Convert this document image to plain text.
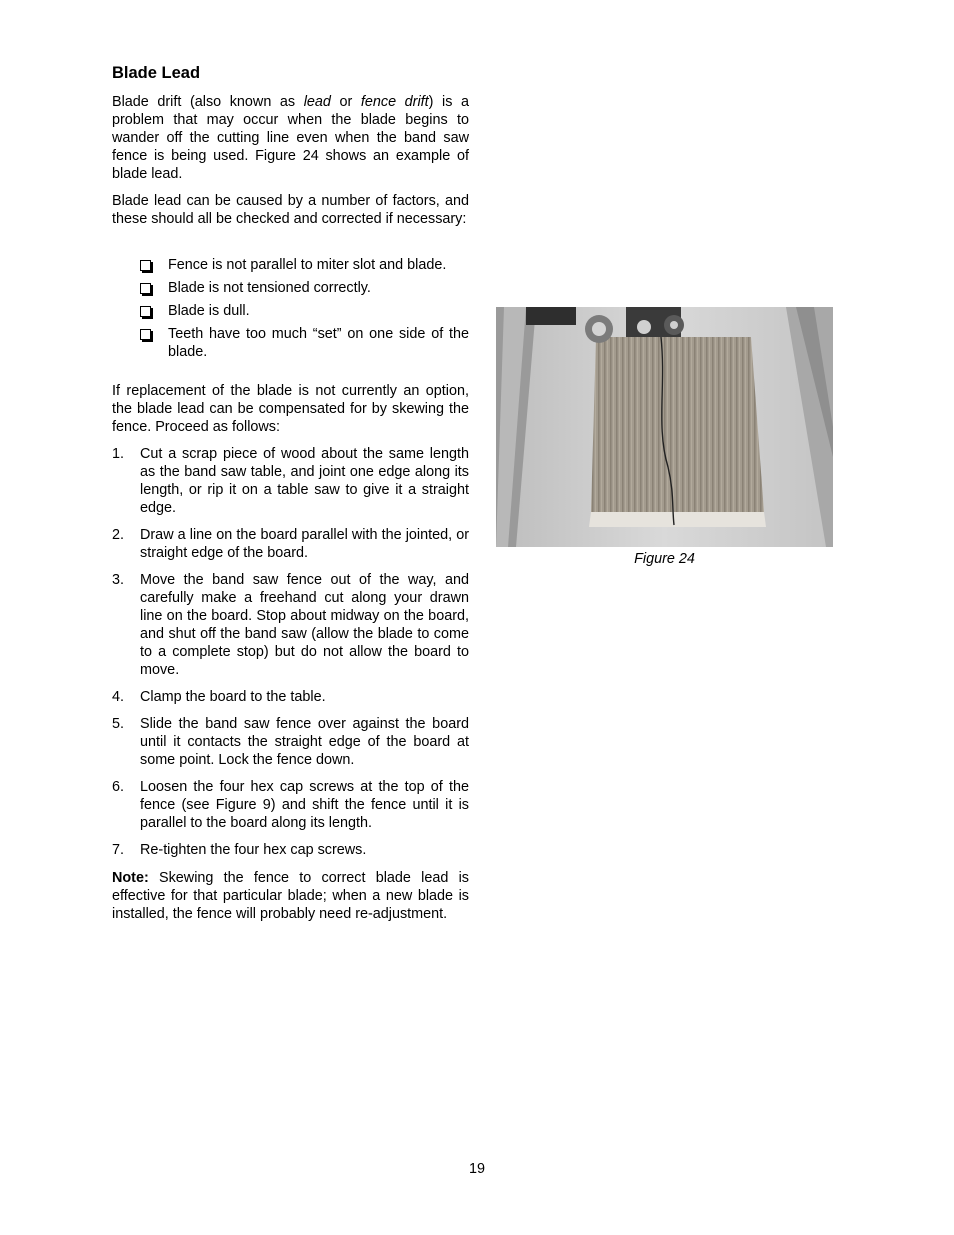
Blade Lead

Blade drift (also known as lead or fence drift) is a problem that may occur when the blade begins to wander off the cutting line even when the band saw fence is being used. Figure 24 shows an example of blade lead.

Blade lead can be caused by a number of factors, and these should all be checked and corrected if necessary:

Fence is not parallel to miter slot and blade.
Blade is not tensioned correctly.
Blade is dull.
Teeth have too much “set” on one side of the blade.

If replacement of the blade is not currently an option, the blade lead can be compensated for by skewing the fence. Proceed as follows:

1. Cut a scrap piece of wood about the same length as the band saw table, and joint one edge along its length, or rip it on a table saw to give it a straight edge.
2. Draw a line on the board parallel with the jointed, or straight edge of the board.
3. Move the band saw fence out of the way, and carefully make a freehand cut along your drawn line on the board. Stop about midway on the board, and shut off the band saw (allow the blade to come to a complete stop) but do not allow the board to move.
4. Clamp the board to the table.
5. Slide the band saw fence over against the board until it contacts the straight edge of the board at some point. Lock the fence down.
6. Loosen the four hex cap screws at the top of the fence (see Figure 9) and shift the fence until it is parallel to the board along its length.
7. Re-tighten the four hex cap screws.

Note: Skewing the fence to correct blade lead is effective for that particular blade; when a new blade is installed, the fence will probably need re-adjustment.

Figure 24
19
